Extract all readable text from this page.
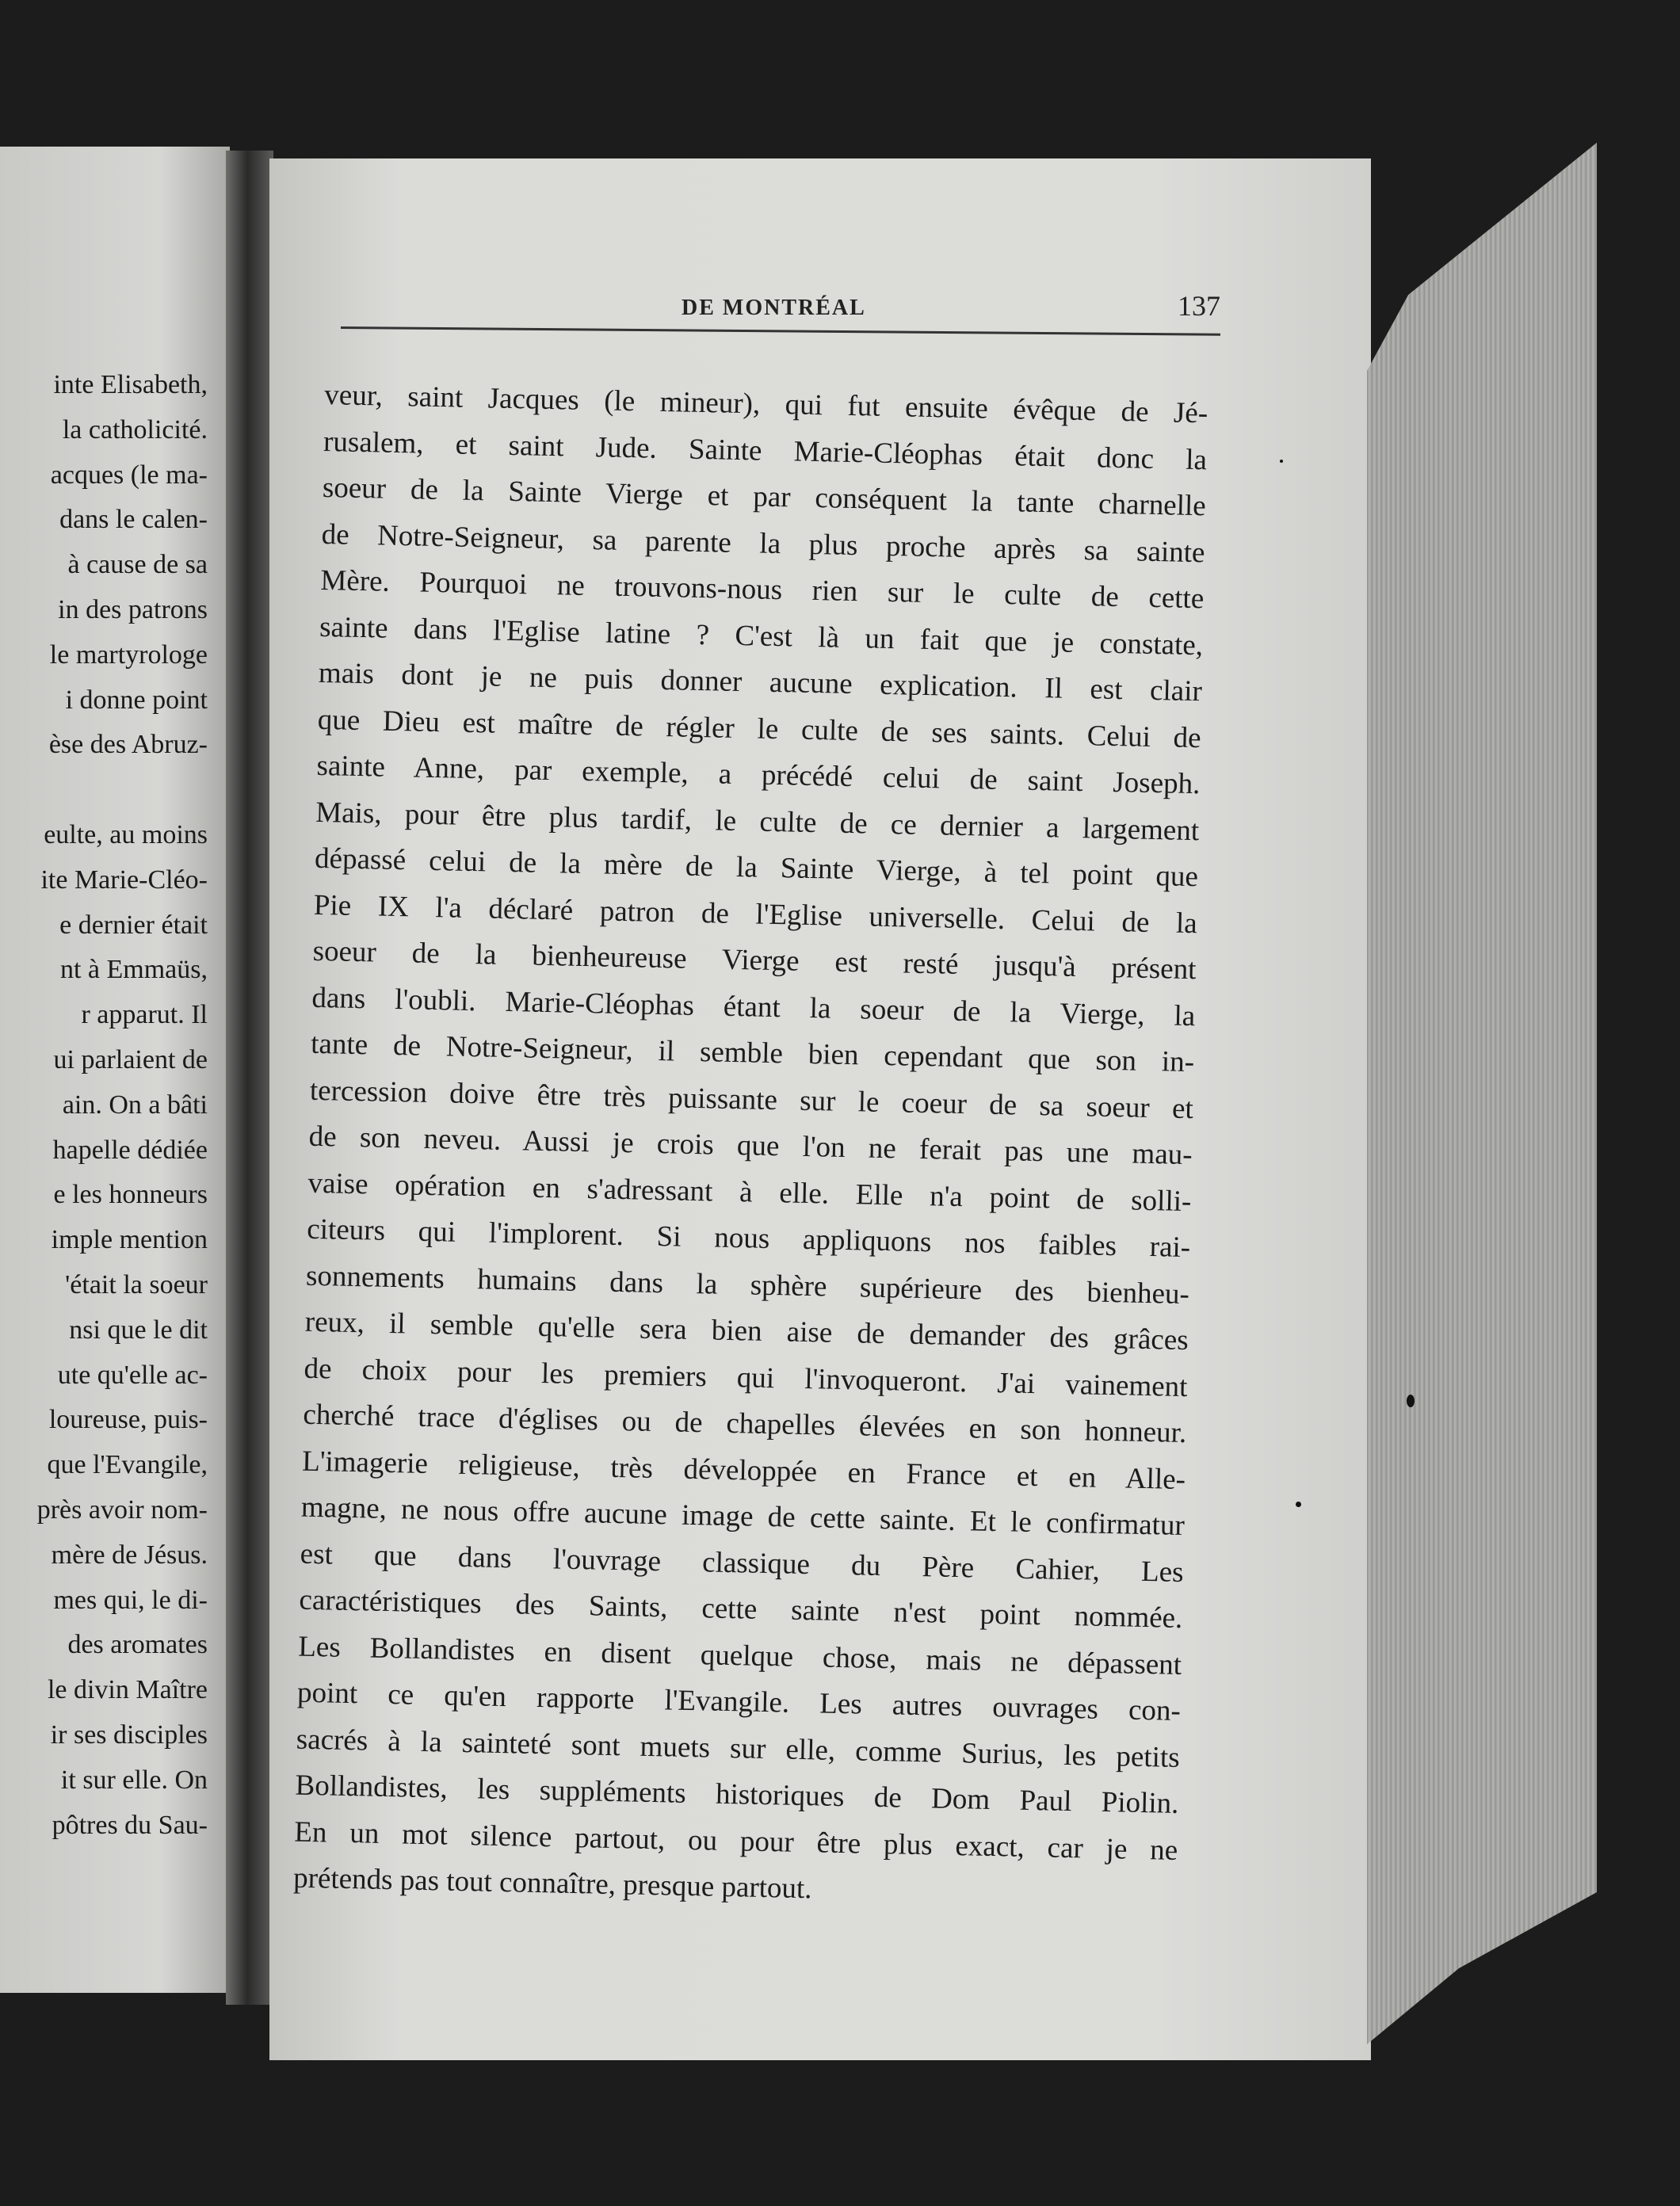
inte Elisabeth,
la catholicité.
acques (le ma-
dans le calen-
à cause de sa
in des patrons
le martyrologe
i donne point
èse des Abruz-

eulte, au moins
ite Marie-Cléo-
e dernier était
nt à Emmaüs,
r apparut. Il
ui parlaient de
ain. On a bâti
hapelle dédiée
e les honneurs
imple mention
'était la soeur
nsi que le dit
ute qu'elle ac-
loureuse, puis-
que l'Evangile,
près avoir nom-
mère de Jésus.
mes qui, le di-
des aromates
le divin Maître
ir ses disciples
it sur elle. On
pôtres du Sau-
DE MONTRÉAL	137
veur, saint Jacques (le mineur), qui fut ensuite évêque de Jé-
rusalem, et saint Jude. Sainte Marie-Cléophas était donc la
soeur de la Sainte Vierge et par conséquent la tante charnelle
de Notre-Seigneur, sa parente la plus proche après sa sainte
Mère. Pourquoi ne trouvons-nous rien sur le culte de cette
sainte dans l'Eglise latine ? C'est là un fait que je constate,
mais dont je ne puis donner aucune explication. Il est clair
que Dieu est maître de régler le culte de ses saints. Celui de
sainte Anne, par exemple, a précédé celui de saint Joseph.
Mais, pour être plus tardif, le culte de ce dernier a largement
dépassé celui de la mère de la Sainte Vierge, à tel point que
Pie IX l'a déclaré patron de l'Eglise universelle. Celui de la
soeur de la bienheureuse Vierge est resté jusqu'à présent
dans l'oubli. Marie-Cléophas étant la soeur de la Vierge, la
tante de Notre-Seigneur, il semble bien cependant que son in-
tercession doive être très puissante sur le coeur de sa soeur et
de son neveu. Aussi je crois que l'on ne ferait pas une mau-
vaise opération en s'adressant à elle. Elle n'a point de solli-
citeurs qui l'implorent. Si nous appliquons nos faibles rai-
sonnements humains dans la sphère supérieure des bienheu-
reux, il semble qu'elle sera bien aise de demander des grâces
de choix pour les premiers qui l'invoqueront. J'ai vainement
cherché trace d'églises ou de chapelles élevées en son honneur.
L'imagerie religieuse, très développée en France et en Alle-
magne, ne nous offre aucune image de cette sainte. Et le confirmatur
est que dans l'ouvrage classique du Père Cahier, Les
caractéristiques des Saints, cette sainte n'est point nommée.
Les Bollandistes en disent quelque chose, mais ne dépassent
point ce qu'en rapporte l'Evangile. Les autres ouvrages con-
sacrés à la sainteté sont muets sur elle, comme Surius, les petits
Bollandistes, les suppléments historiques de Dom Paul Piolin.
En un mot silence partout, ou pour être plus exact, car je ne
prétends pas tout connaître, presque partout.
